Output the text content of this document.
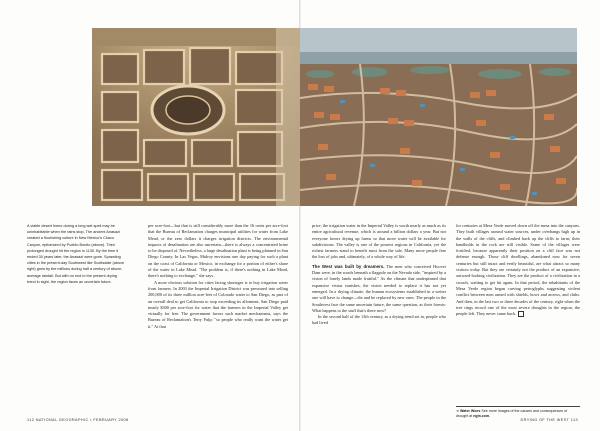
A viable desert home during a long wet spell may be uninhabitable when the rains stop. The ancient Anasazi created a flourishing culture in New Mexico's Chaco Canyon, epitomized by Pueblo Bonito (above). Then prolonged drought hit the region in 1130. By the time it ended 30 years later, the Anasazi were gone. Sprawling cities in the present-day Southwest like Scottsdale (above right) grew by the millions during half a century of above-average rainfall. But with no end to the present drying trend in sight, the region faces an uncertain future.

per acre-foot—but that is still considerably more than the 16 cents per acre-foot that the Bureau of Reclamation charges municipal utilities for water from Lake Mead, or the zero dollars it charges irrigation districts. The environmental impacts of desalination are also uncertain—there is always a concentrated brine to be disposed of. Nevertheless, a large desalination plant is being planned in San Diego County. In Las Vegas, Mulroy envisions one day paying for such a plant on the coast of California or Mexico, in exchange for a portion of either's share of the water in Lake Mead. "The problem is, if there's nothing in Lake Mead, there's nothing to exchange," she says.

A more obvious solution for cities facing shortages is to buy irrigation water from farmers. In 2003 the Imperial Irrigation District was pressured into selling 200,000 of its three million acre-feet of Colorado water to San Diego, as part of an overall deal to get California to stop exceeding its allotment. San Diego paid nearly $300 per acre-foot for water that the farmers in the Imperial Valley get virtually for free. The government favors such market mechanisms, says the Bureau of Reclamation's Terry Fulp; "so people who really want the water get it." At that

price, the irrigation water in the Imperial Valley is worth nearly as much as its entire agricultural revenue, which is around a billion dollars a year. But not everyone favors drying up farms so that more water will be available for subdivisions. The valley is one of the poorest regions in California, yet the richest farmers stand to benefit most from the sale. Many more people fear the loss of jobs and, ultimately, of a whole way of life.

The West was built by dreamers. The men who conceived Hoover Dam were, in the words beneath a flagpole on the Nevada side, "inspired by a vision of lonely lands made fruitful." As the climate that underpinned that expansive vision vanishes, the vision needed to replace it has not yet emerged. In a drying climate, the human ecosystems established in a wetter one will have to change—die and be replaced by new ones. The people in the Southwest face the same uncertain future, the same question, as their forests: What happens to the stuff that's there now?

In the second half of the 13th century, as a drying trend set in, people who had lived

for centuries at Mesa Verde moved down off the mesa into the canyons. They built villages around water sources, under overhangs high up in the walls of the cliffs, and climbed back up the cliffs to farm; their handholds in the rock are still visible. Some of the villages were fortified, because apparently their position on a cliff face was not defense enough. Those cliff dwellings, abandoned now for seven centuries but still intact and eerily beautiful, are what attract so many visitors today. But they are certainly not the product of an expansive, outward-looking civilization. They are the product of a civilization in a crouch, waiting to get hit again. In that period, the inhabitants of the Mesa Verde region began carving petroglyphs suggesting violent conflict between men armed with shields, bows and arrows, and clubs. And then, in the last two or three decades of the century, right when the tree rings record one of the most severe droughts in the region, the people left. They never came back.

➜ Water Woes See more images of the causes and consequences of drought at ngm.com.
112 NATIONAL GEOGRAPHIC • FEBRUARY 2008	DRYING OF THE WEST 113
